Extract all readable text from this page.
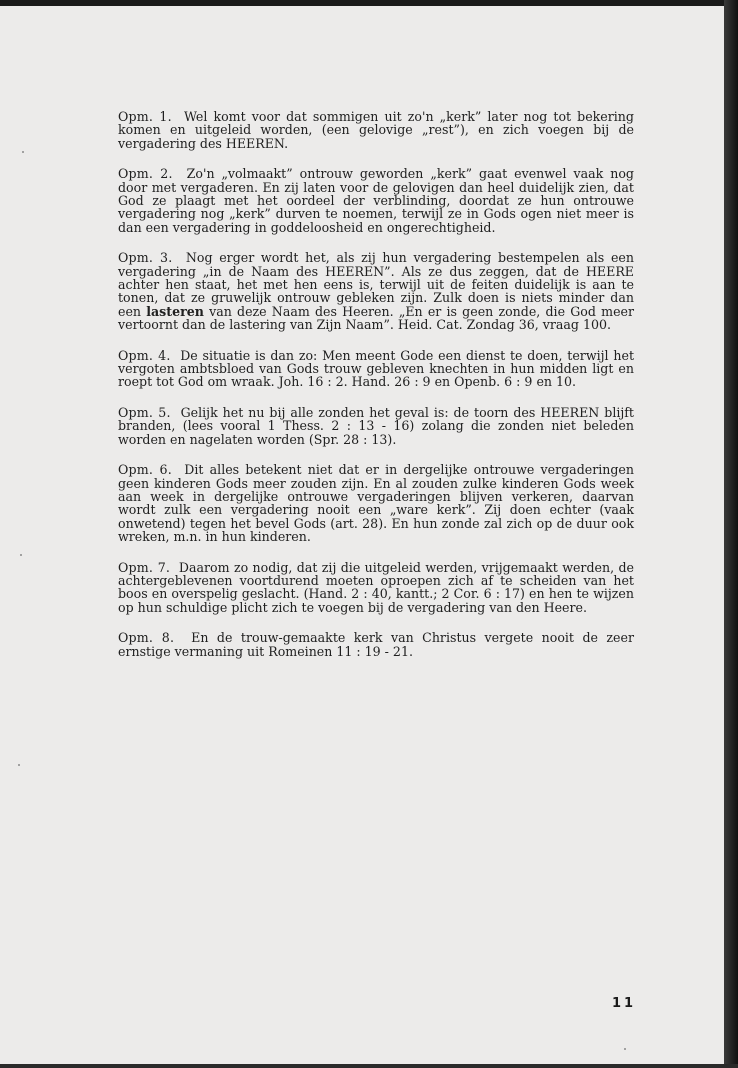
Opm. 1. Wel komt voor dat sommigen uit zo'n „kerk” later nog tot bekering komen en uitgeleid worden, (een gelovige „rest”), en zich voegen bij de vergadering des HEEREN.

Opm. 2. Zo'n „volmaakt” ontrouw geworden „kerk” gaat evenwel vaak nog door met vergaderen. En zij laten voor de gelovigen dan heel duidelijk zien, dat God ze plaagt met het oordeel der verblinding, doordat ze hun ontrouwe vergadering nog „kerk” durven te noemen, terwijl ze in Gods ogen niet meer is dan een vergadering in goddeloosheid en ongerechtigheid.

Opm. 3. Nog erger wordt het, als zij hun vergadering bestempelen als een vergadering „in de Naam des HEEREN”. Als ze dus zeggen, dat de HEERE achter hen staat, het met hen eens is, terwijl uit de feiten duidelijk is aan te tonen, dat ze gruwelijk ontrouw gebleken zijn. Zulk doen is niets minder dan een lasteren van deze Naam des Heeren. „En er is geen zonde, die God meer vertoornt dan de lastering van Zijn Naam”. Heid. Cat. Zondag 36, vraag 100.

Opm. 4. De situatie is dan zo: Men meent Gode een dienst te doen, terwijl het vergoten ambtsbloed van Gods trouw gebleven knechten in hun midden ligt en roept tot God om wraak. Joh. 16 : 2. Hand. 26 : 9 en Openb. 6 : 9 en 10.

Opm. 5. Gelijk het nu bij alle zonden het geval is: de toorn des HEEREN blijft branden, (lees vooral 1 Thess. 2 : 13 - 16) zolang die zonden niet beleden worden en nagelaten worden (Spr. 28 : 13).

Opm. 6. Dit alles betekent niet dat er in dergelijke ontrouwe vergaderingen geen kinderen Gods meer zouden zijn. En al zouden zulke kinderen Gods week aan week in dergelijke ontrouwe vergaderingen blijven verkeren, daarvan wordt zulk een vergadering nooit een „ware kerk”. Zij doen echter (vaak onwetend) tegen het bevel Gods (art. 28). En hun zonde zal zich op de duur ook wreken, m.n. in hun kinderen.

Opm. 7. Daarom zo nodig, dat zij die uitgeleid werden, vrijgemaakt werden, de achtergeblevenen voortdurend moeten oproepen zich af te scheiden van het boos en overspelig geslacht. (Hand. 2 : 40, kantt.; 2 Cor. 6 : 17) en hen te wijzen op hun schuldige plicht zich te voegen bij de vergadering van den Heere.

Opm. 8. En de trouw-gemaakte kerk van Christus vergete nooit de zeer ernstige vermaning uit Romeinen 11 : 19 - 21.

11
